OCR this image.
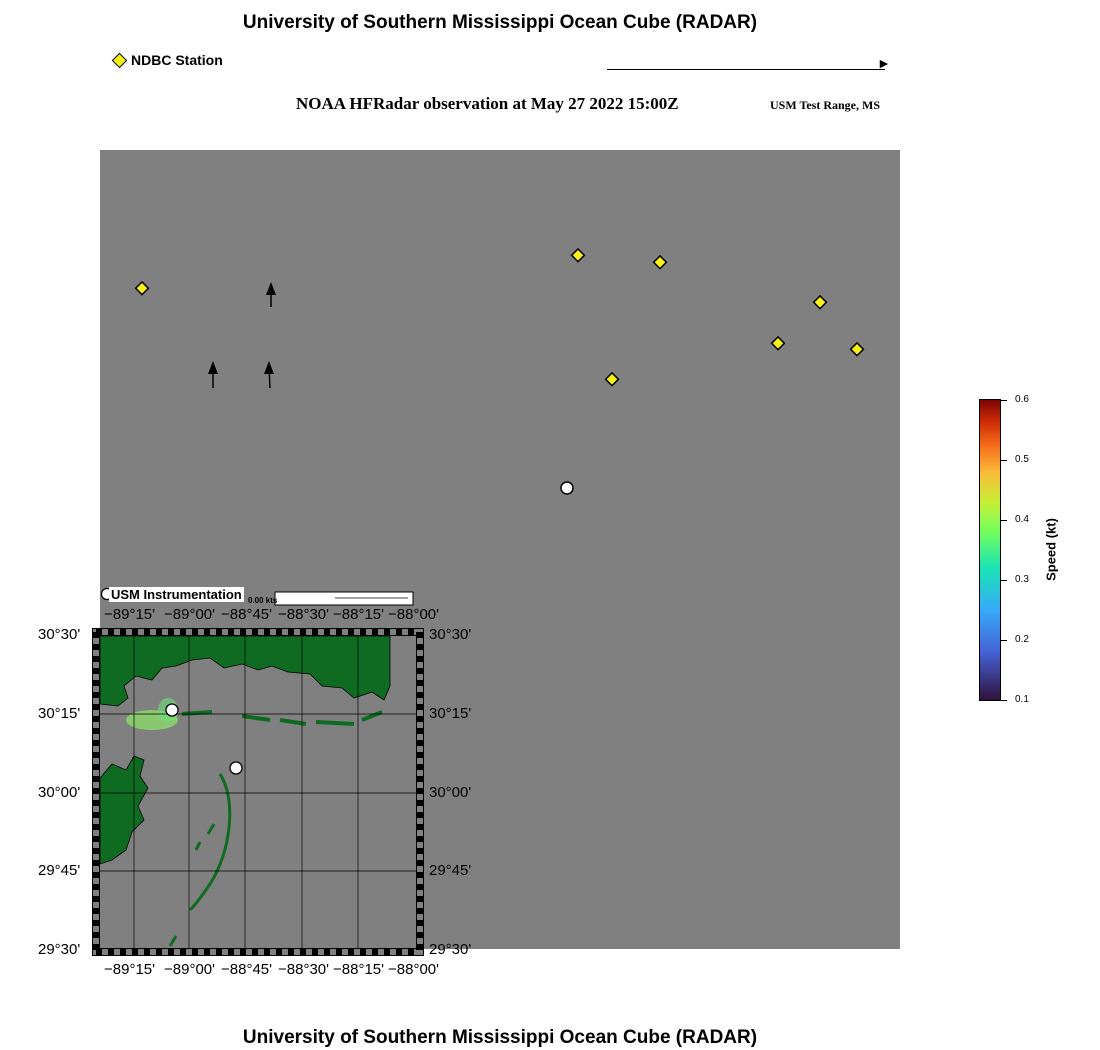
University of Southern Mississippi Ocean Cube (RADAR)
NDBC Station	►
NOAA HFRadar observation at May 27 2022 15:00Z	USM Test Range, MS
0.00 kts
USM Instrumentation
−89°15' −89°00' −88°45' −88°30' −88°15' −88°00'
−89°15' −89°00' −88°45' −88°30' −88°15' −88°00'
30°30'
30°15'
30°00'
29°45'
29°30'
30°30'
30°15'
30°00'
29°45'
29°30'
0.6
0.5
0.4
0.3
0.2
0.1
Speed (kt)
University of Southern Mississippi Ocean Cube (RADAR)
